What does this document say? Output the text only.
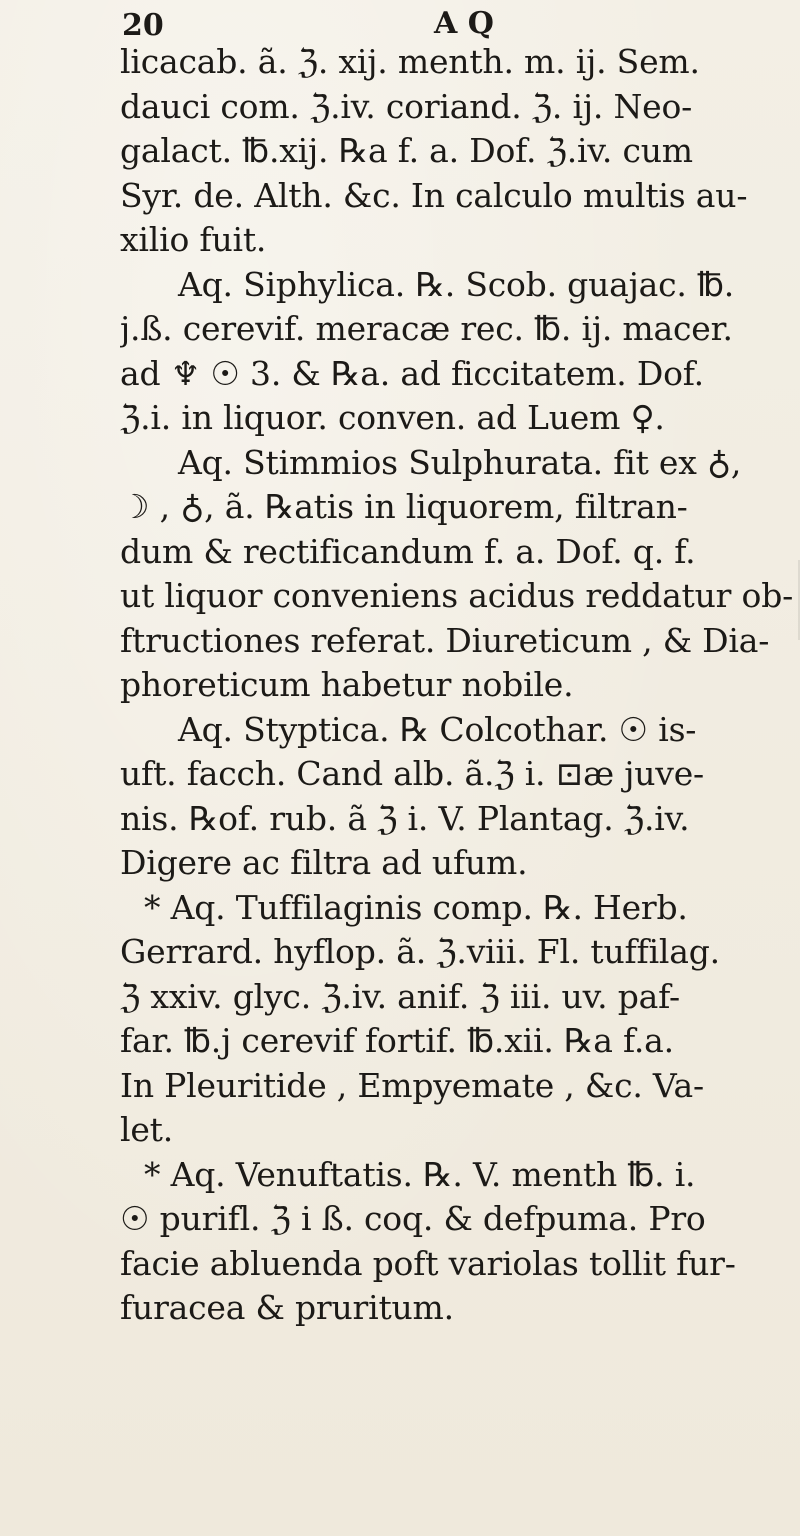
20	A Q
licacab. ã. ℨ. xij. menth. m. ij. Sem.
dauci com. ℨ.iv. coriand. ℨ. ij. Neo-
galact. ℔.xij. ℞a f. a. Dof. ℨ.iv. cum
Syr. de. Alth. &c. In calculo multis au-
xilio fuit.
Aq. Siphylica. ℞. Scob. guajac. ℔.
j.ß. cerevif. meracæ rec. ℔. ij. macer.
ad ♆ ☉ 3. & ℞a. ad ficcitatem. Dof.
ℨ.i. in liquor. conven. ad Luem ♀.
Aq. Stimmios Sulphurata. fit ex ♁,
☽ , ♁, ã. ℞atis in liquorem, filtran-
dum & rectificandum f. a. Dof. q. f.
ut liquor conveniens acidus reddatur ob-
ftructiones referat. Diureticum , & Dia-
phoreticum habetur nobile.
Aq. Styptica. ℞ Colcothar. ☉ is-
uft. facch. Cand alb. ã.ℨ i. ⊡æ juve-
nis. ℞of. rub. ã ℨ i. V. Plantag. ℨ.iv.
Digere ac filtra ad ufum.
* Aq. Tuffilaginis comp. ℞. Herb.
Gerrard. hyflop. ã. ℨ.viii. Fl. tuffilag.
ℨ xxiv. glyc. ℨ.iv. anif. ℨ iii. uv. paf-
far. ℔.j cerevif fortif. ℔.xii. ℞a f.a.
In Pleuritide , Empyemate , &c. Va-
let.
* Aq. Venuftatis. ℞. V. menth ℔. i.
☉ purifl. ℨ i ß. coq. & defpuma. Pro
facie abluenda poft variolas tollit fur-
furacea & pruritum.
